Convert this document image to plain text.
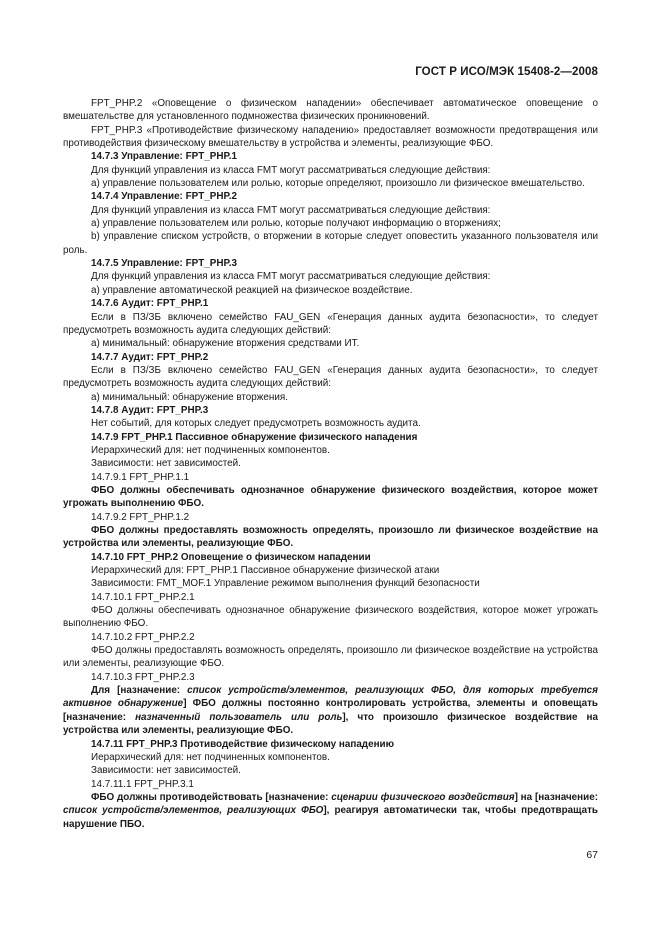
ГОСТ Р ИСО/МЭК 15408-2—2008

FPT_PHP.2 «Оповещение о физическом нападении» обеспечивает автоматическое оповещение о вмешательстве для установленного подмножества физических проникновений.

FPT_PHP.3 «Противодействие физическому нападению» предоставляет возможности предотвращения или противодействия физическому вмешательству в устройства и элементы, реализующие ФБО.

14.7.3 Управление: FPT_PHP.1

Для функций управления из класса FMT могут рассматриваться следующие действия:

a) управление пользователем или ролью, которые определяют, произошло ли физическое вмешательство.

14.7.4 Управление: FPT_PHP.2

Для функций управления из класса FMT могут рассматриваться следующие действия:

a) управление пользователем или ролью, которые получают информацию о вторжениях;

b) управление списком устройств, о вторжении в которые следует оповестить указанного пользователя или роль.

14.7.5 Управление: FPT_PHP.3

Для функций управления из класса FMT могут рассматриваться следующие действия:

a) управление автоматической реакцией на физическое воздействие.

14.7.6 Аудит: FPT_PHP.1

Если в ПЗ/ЗБ включено семейство FAU_GEN «Генерация данных аудита безопасности», то следует предусмотреть возможность аудита следующих действий:

a) минимальный: обнаружение вторжения средствами ИТ.

14.7.7 Аудит: FPT_PHP.2

Если в ПЗ/ЗБ включено семейство FAU_GEN «Генерация данных аудита безопасности», то следует предусмотреть возможность аудита следующих действий:

a) минимальный: обнаружение вторжения.

14.7.8 Аудит: FPT_PHP.3

Нет событий, для которых следует предусмотреть возможность аудита.

14.7.9 FPT_PHP.1 Пассивное обнаружение физического нападения

Иерархический для: нет подчиненных компонентов.

Зависимости: нет зависимостей.

14.7.9.1 FPT_PHP.1.1

ФБО должны обеспечивать однозначное обнаружение физического воздействия, которое может угрожать выполнению ФБО.

14.7.9.2 FPT_PHP.1.2

ФБО должны предоставлять возможность определять, произошло ли физическое воздействие на устройства или элементы, реализующие ФБО.

14.7.10 FPT_PHP.2 Оповещение о физическом нападении

Иерархический для: FPT_PHP.1 Пассивное обнаружение физической атаки

Зависимости: FMT_MOF.1 Управление режимом выполнения функций безопасности

14.7.10.1 FPT_PHP.2.1

ФБО должны обеспечивать однозначное обнаружение физического воздействия, которое может угрожать выполнению ФБО.

14.7.10.2 FPT_PHP.2.2

ФБО должны предоставлять возможность определять, произошло ли физическое воздействие на устройства или элементы, реализующие ФБО.

14.7.10.3 FPT_PHP.2.3

Для [назначение: список устройств/элементов, реализующих ФБО, для которых требуется активное обнаружение] ФБО должны постоянно контролировать устройства, элементы и оповещать [назначение: назначенный пользователь или роль], что произошло физическое воздействие на устройства или элементы, реализующие ФБО.

14.7.11 FPT_PHP.3 Противодействие физическому нападению

Иерархический для: нет подчиненных компонентов.

Зависимости: нет зависимостей.

14.7.11.1 FPT_PHP.3.1

ФБО должны противодействовать [назначение: сценарии физического воздействия] на [назначение: список устройств/элементов, реализующих ФБО], реагируя автоматически так, чтобы предотвращать нарушение ПБО.

67
